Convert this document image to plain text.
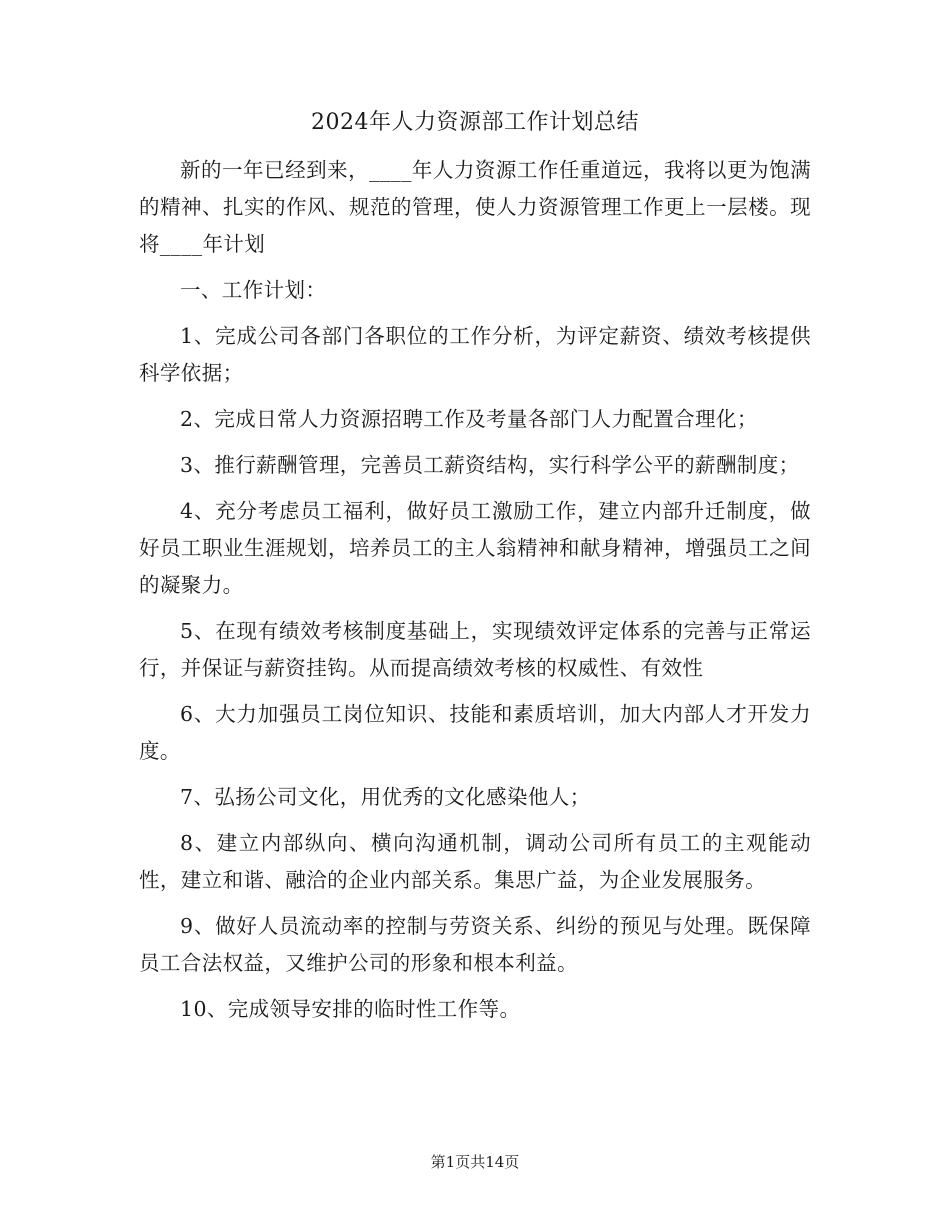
2024年人力资源部工作计划总结

新的一年已经到来，____年人力资源工作任重道远，我将以更为饱满的精神、扎实的作风、规范的管理，使人力资源管理工作更上一层楼。现将____年计划

一、工作计划：

1、完成公司各部门各职位的工作分析，为评定薪资、绩效考核提供科学依据；

2、完成日常人力资源招聘工作及考量各部门人力配置合理化；

3、推行薪酬管理，完善员工薪资结构，实行科学公平的薪酬制度；

4、充分考虑员工福利，做好员工激励工作，建立内部升迁制度，做好员工职业生涯规划，培养员工的主人翁精神和献身精神，增强员工之间的凝聚力。

5、在现有绩效考核制度基础上，实现绩效评定体系的完善与正常运行，并保证与薪资挂钩。从而提高绩效考核的权威性、有效性

6、大力加强员工岗位知识、技能和素质培训，加大内部人才开发力度。

7、弘扬公司文化，用优秀的文化感染他人；

8、建立内部纵向、横向沟通机制，调动公司所有员工的主观能动性，建立和谐、融洽的企业内部关系。集思广益，为企业发展服务。

9、做好人员流动率的控制与劳资关系、纠纷的预见与处理。既保障员工合法权益，又维护公司的形象和根本利益。

10、完成领导安排的临时性工作等。

第1页共14页
